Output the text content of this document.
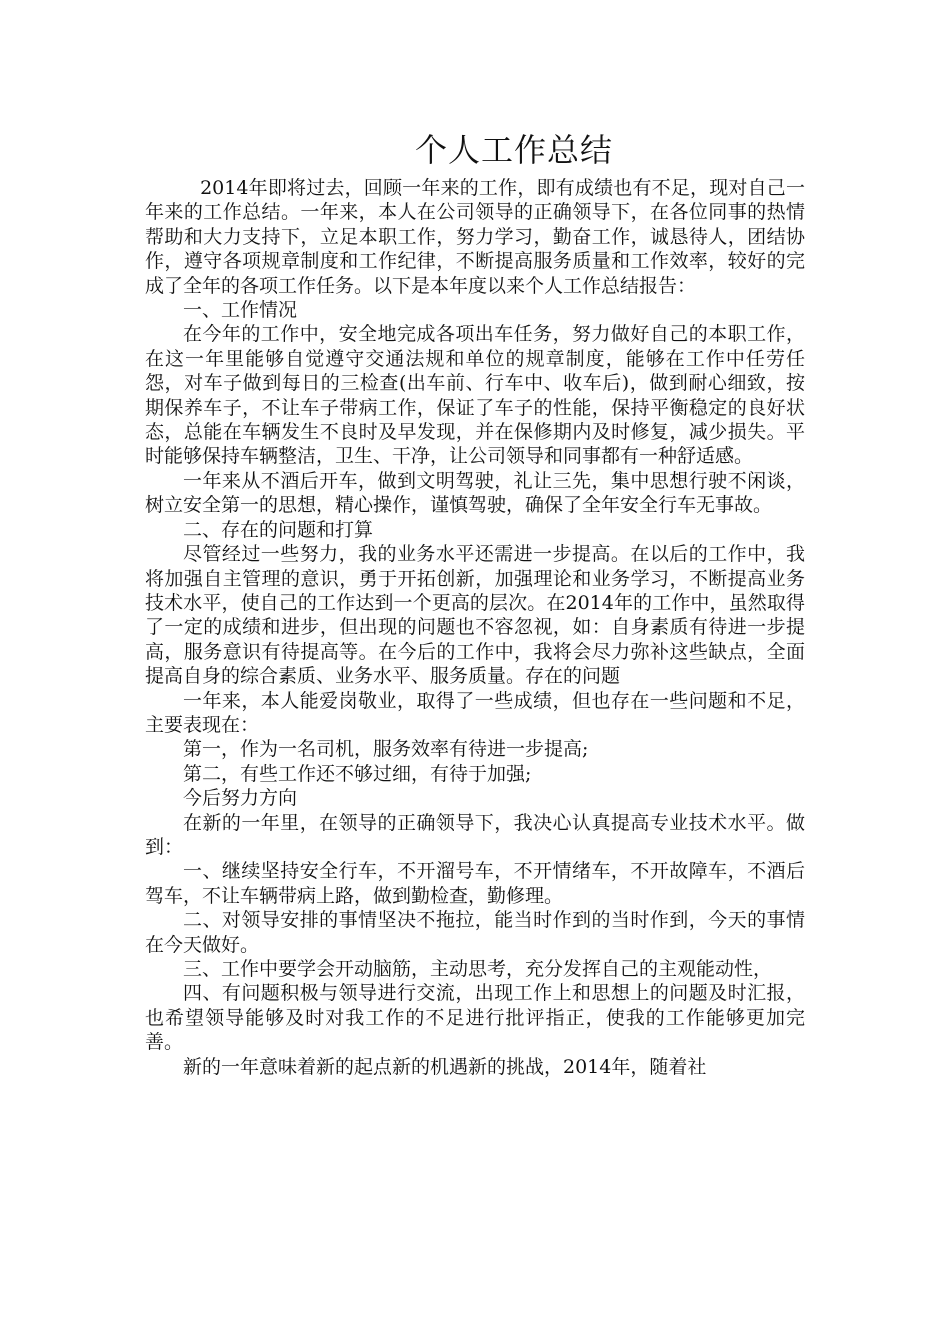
个人工作总结

2014年即将过去，回顾一年来的工作，即有成绩也有不足，现对自己一年来的工作总结。一年来，本人在公司领导的正确领导下，在各位同事的热情帮助和大力支持下，立足本职工作，努力学习，勤奋工作，诚恳待人，团结协作，遵守各项规章制度和工作纪律，不断提高服务质量和工作效率，较好的完成了全年的各项工作任务。以下是本年度以来个人工作总结报告：

一、工作情况

在今年的工作中，安全地完成各项出车任务，努力做好自己的本职工作，在这一年里能够自觉遵守交通法规和单位的规章制度，能够在工作中任劳任怨，对车子做到每日的三检查(出车前、行车中、收车后)，做到耐心细致，按期保养车子，不让车子带病工作，保证了车子的性能，保持平衡稳定的良好状态，总能在车辆发生不良时及早发现，并在保修期内及时修复，减少损失。平时能够保持车辆整洁，卫生、干净，让公司领导和同事都有一种舒适感。

一年来从不酒后开车，做到文明驾驶，礼让三先，集中思想行驶不闲谈，树立安全第一的思想，精心操作，谨慎驾驶，确保了全年安全行车无事故。

二、存在的问题和打算

尽管经过一些努力，我的业务水平还需进一步提高。在以后的工作中，我将加强自主管理的意识，勇于开拓创新，加强理论和业务学习，不断提高业务技术水平，使自己的工作达到一个更高的层次。在2014年的工作中，虽然取得了一定的成绩和进步，但出现的问题也不容忽视，如：自身素质有待进一步提高，服务意识有待提高等。在今后的工作中，我将会尽力弥补这些缺点，全面提高自身的综合素质、业务水平、服务质量。存在的问题

一年来，本人能爱岗敬业，取得了一些成绩，但也存在一些问题和不足，主要表现在：

第一，作为一名司机，服务效率有待进一步提高;

第二，有些工作还不够过细，有待于加强;

今后努力方向

在新的一年里，在领导的正确领导下，我决心认真提高专业技术水平。做到：

一、继续坚持安全行车，不开溜号车，不开情绪车，不开故障车，不酒后驾车，不让车辆带病上路，做到勤检查，勤修理。

二、对领导安排的事情坚决不拖拉，能当时作到的当时作到，今天的事情在今天做好。

三、工作中要学会开动脑筋，主动思考，充分发挥自己的主观能动性，

四、有问题积极与领导进行交流，出现工作上和思想上的问题及时汇报，也希望领导能够及时对我工作的不足进行批评指正，使我的工作能够更加完善。

新的一年意味着新的起点新的机遇新的挑战，2014年，随着社
